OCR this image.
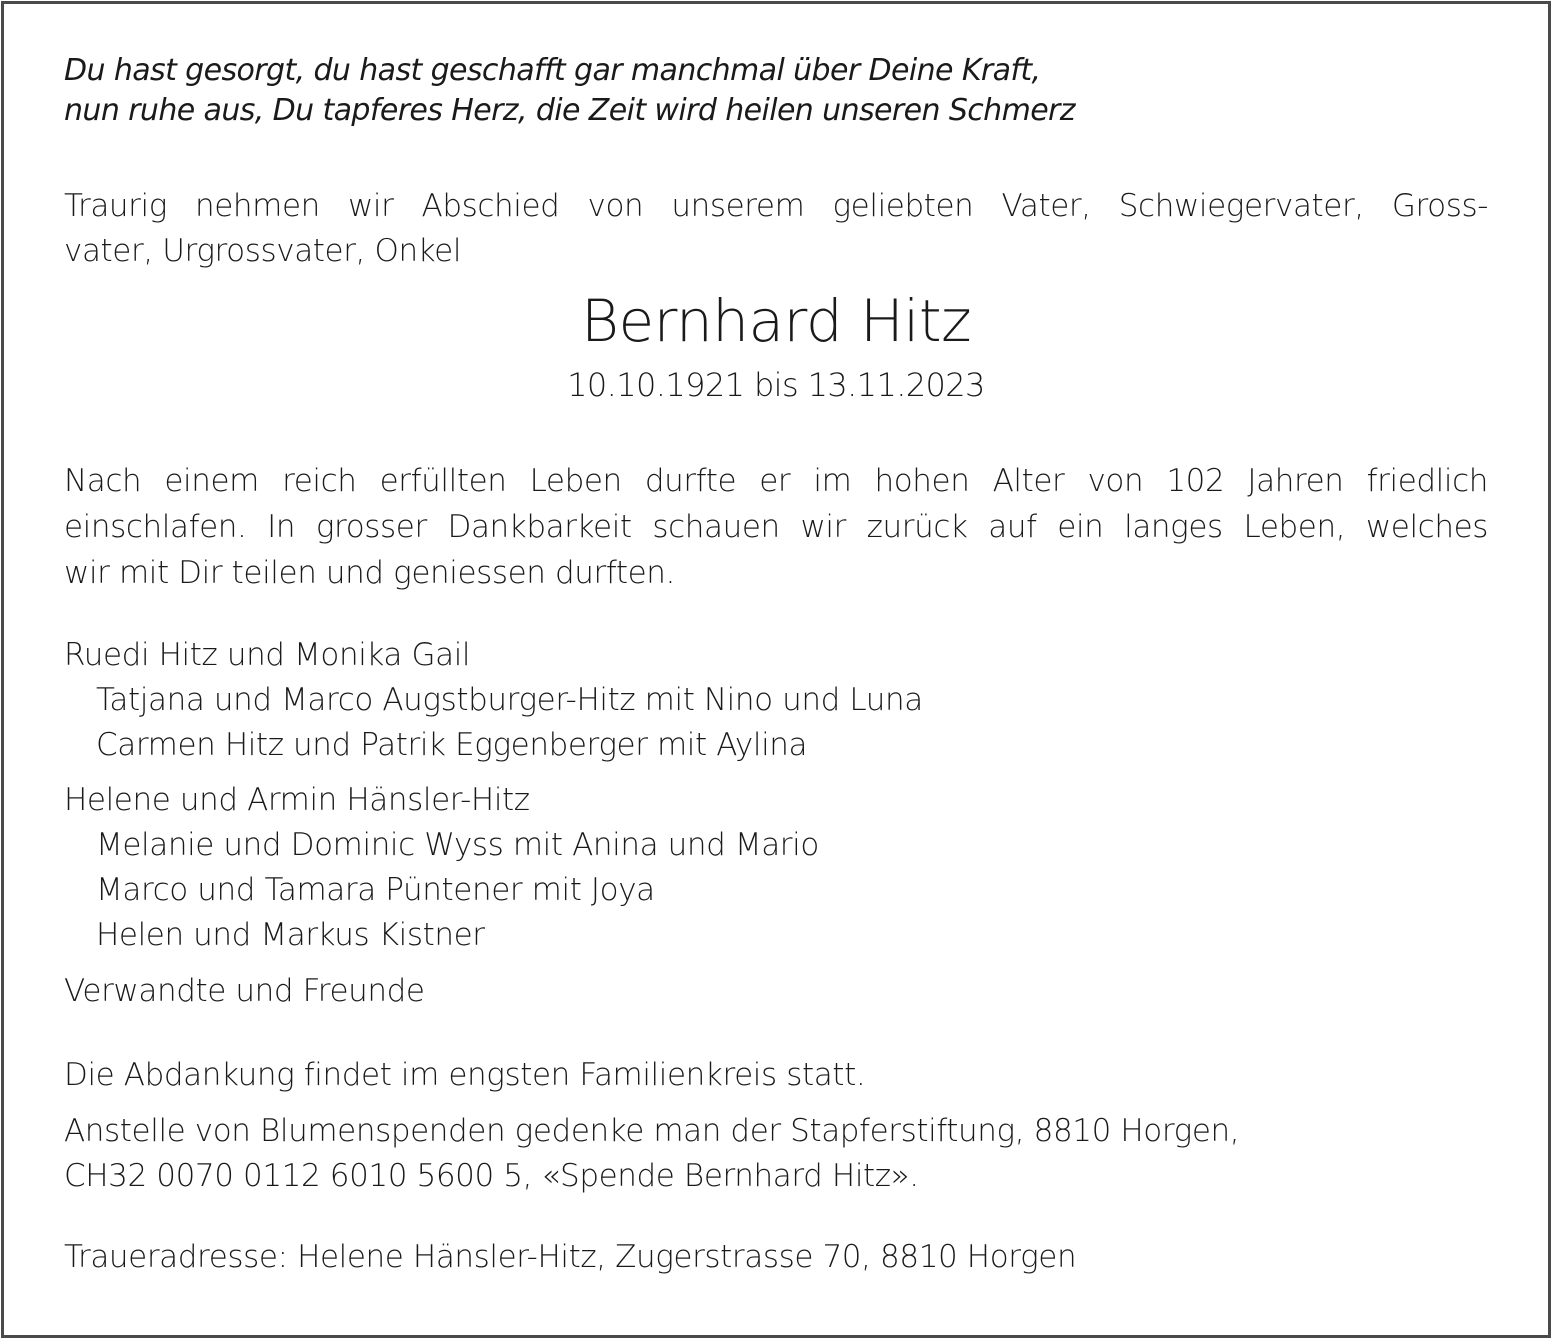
Du hast gesorgt, du hast geschafft gar manchmal über Deine Kraft,
nun ruhe aus, Du tapferes Herz, die Zeit wird heilen unseren Schmerz
Traurig nehmen wir Abschied von unserem geliebten Vater, Schwiegervater, Gross-
vater, Urgrossvater, Onkel
Bernhard Hitz
10.10.1921 bis 13.11.2023
Nach einem reich erfüllten Leben durfte er im hohen Alter von 102 Jahren friedlich
einschlafen. In grosser Dankbarkeit schauen wir zurück auf ein langes Leben, welches
wir mit Dir teilen und geniessen durften.
Ruedi Hitz und Monika Gail
Tatjana und Marco Augstburger-Hitz mit Nino und Luna
Carmen Hitz und Patrik Eggenberger mit Aylina
Helene und Armin Hänsler-Hitz
Melanie und Dominic Wyss mit Anina und Mario
Marco und Tamara Püntener mit Joya
Helen und Markus Kistner
Verwandte und Freunde
Die Abdankung findet im engsten Familienkreis statt.
Anstelle von Blumenspenden gedenke man der Stapferstiftung, 8810 Horgen,
CH32 0070 0112 6010 5600 5, «Spende Bernhard Hitz».
Traueradresse: Helene Hänsler-Hitz, Zugerstrasse 70, 8810 Horgen
